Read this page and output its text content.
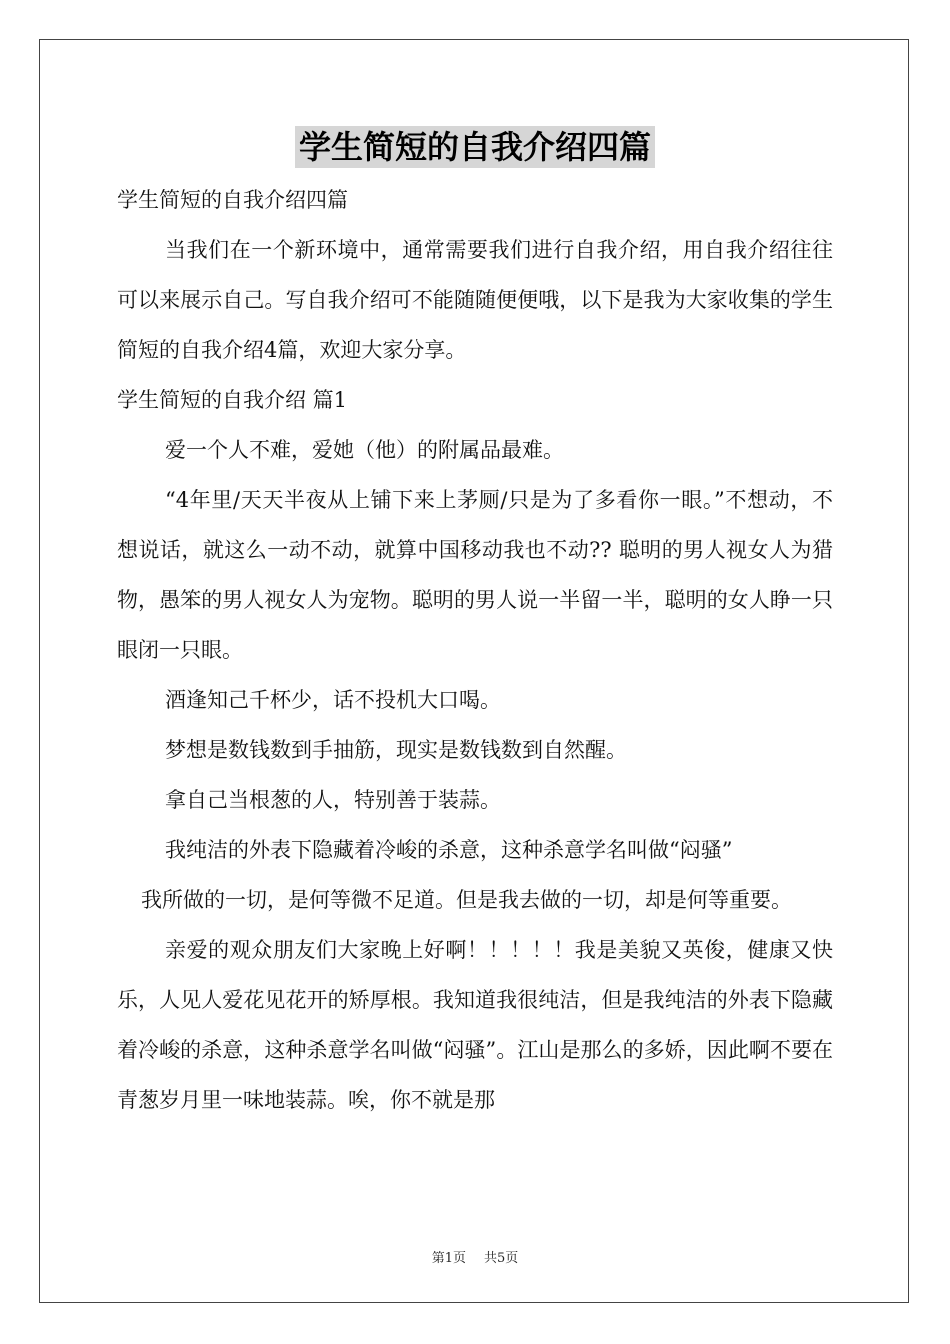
学生简短的自我介绍四篇

学生简短的自我介绍四篇

当我们在一个新环境中，通常需要我们进行自我介绍，用自我介绍往往可以来展示自己。写自我介绍可不能随随便便哦，以下是我为大家收集的学生简短的自我介绍4篇，欢迎大家分享。

学生简短的自我介绍 篇1

爱一个人不难，爱她（他）的附属品最难。

“4年里/天天半夜从上铺下来上茅厕/只是为了多看你一眼。”不想动，不想说话，就这么一动不动，就算中国移动我也不动?? 聪明的男人视女人为猎物，愚笨的男人视女人为宠物。聪明的男人说一半留一半，聪明的女人睁一只眼闭一只眼。

酒逢知己千杯少，话不投机大口喝。

梦想是数钱数到手抽筋，现实是数钱数到自然醒。

拿自己当根葱的人，特别善于装蒜。

我纯洁的外表下隐藏着冷峻的杀意，这种杀意学名叫做“闷骚”

我所做的一切，是何等微不足道。但是我去做的一切，却是何等重要。

亲爱的观众朋友们大家晚上好啊！！！！！我是美貌又英俊，健康又快乐，人见人爱花见花开的矫厚根。我知道我很纯洁，但是我纯洁的外表下隐藏着冷峻的杀意，这种杀意学名叫做“闷骚”。江山是那么的多娇，因此啊不要在青葱岁月里一味地装蒜。唉，你不就是那

第1页 共5页
